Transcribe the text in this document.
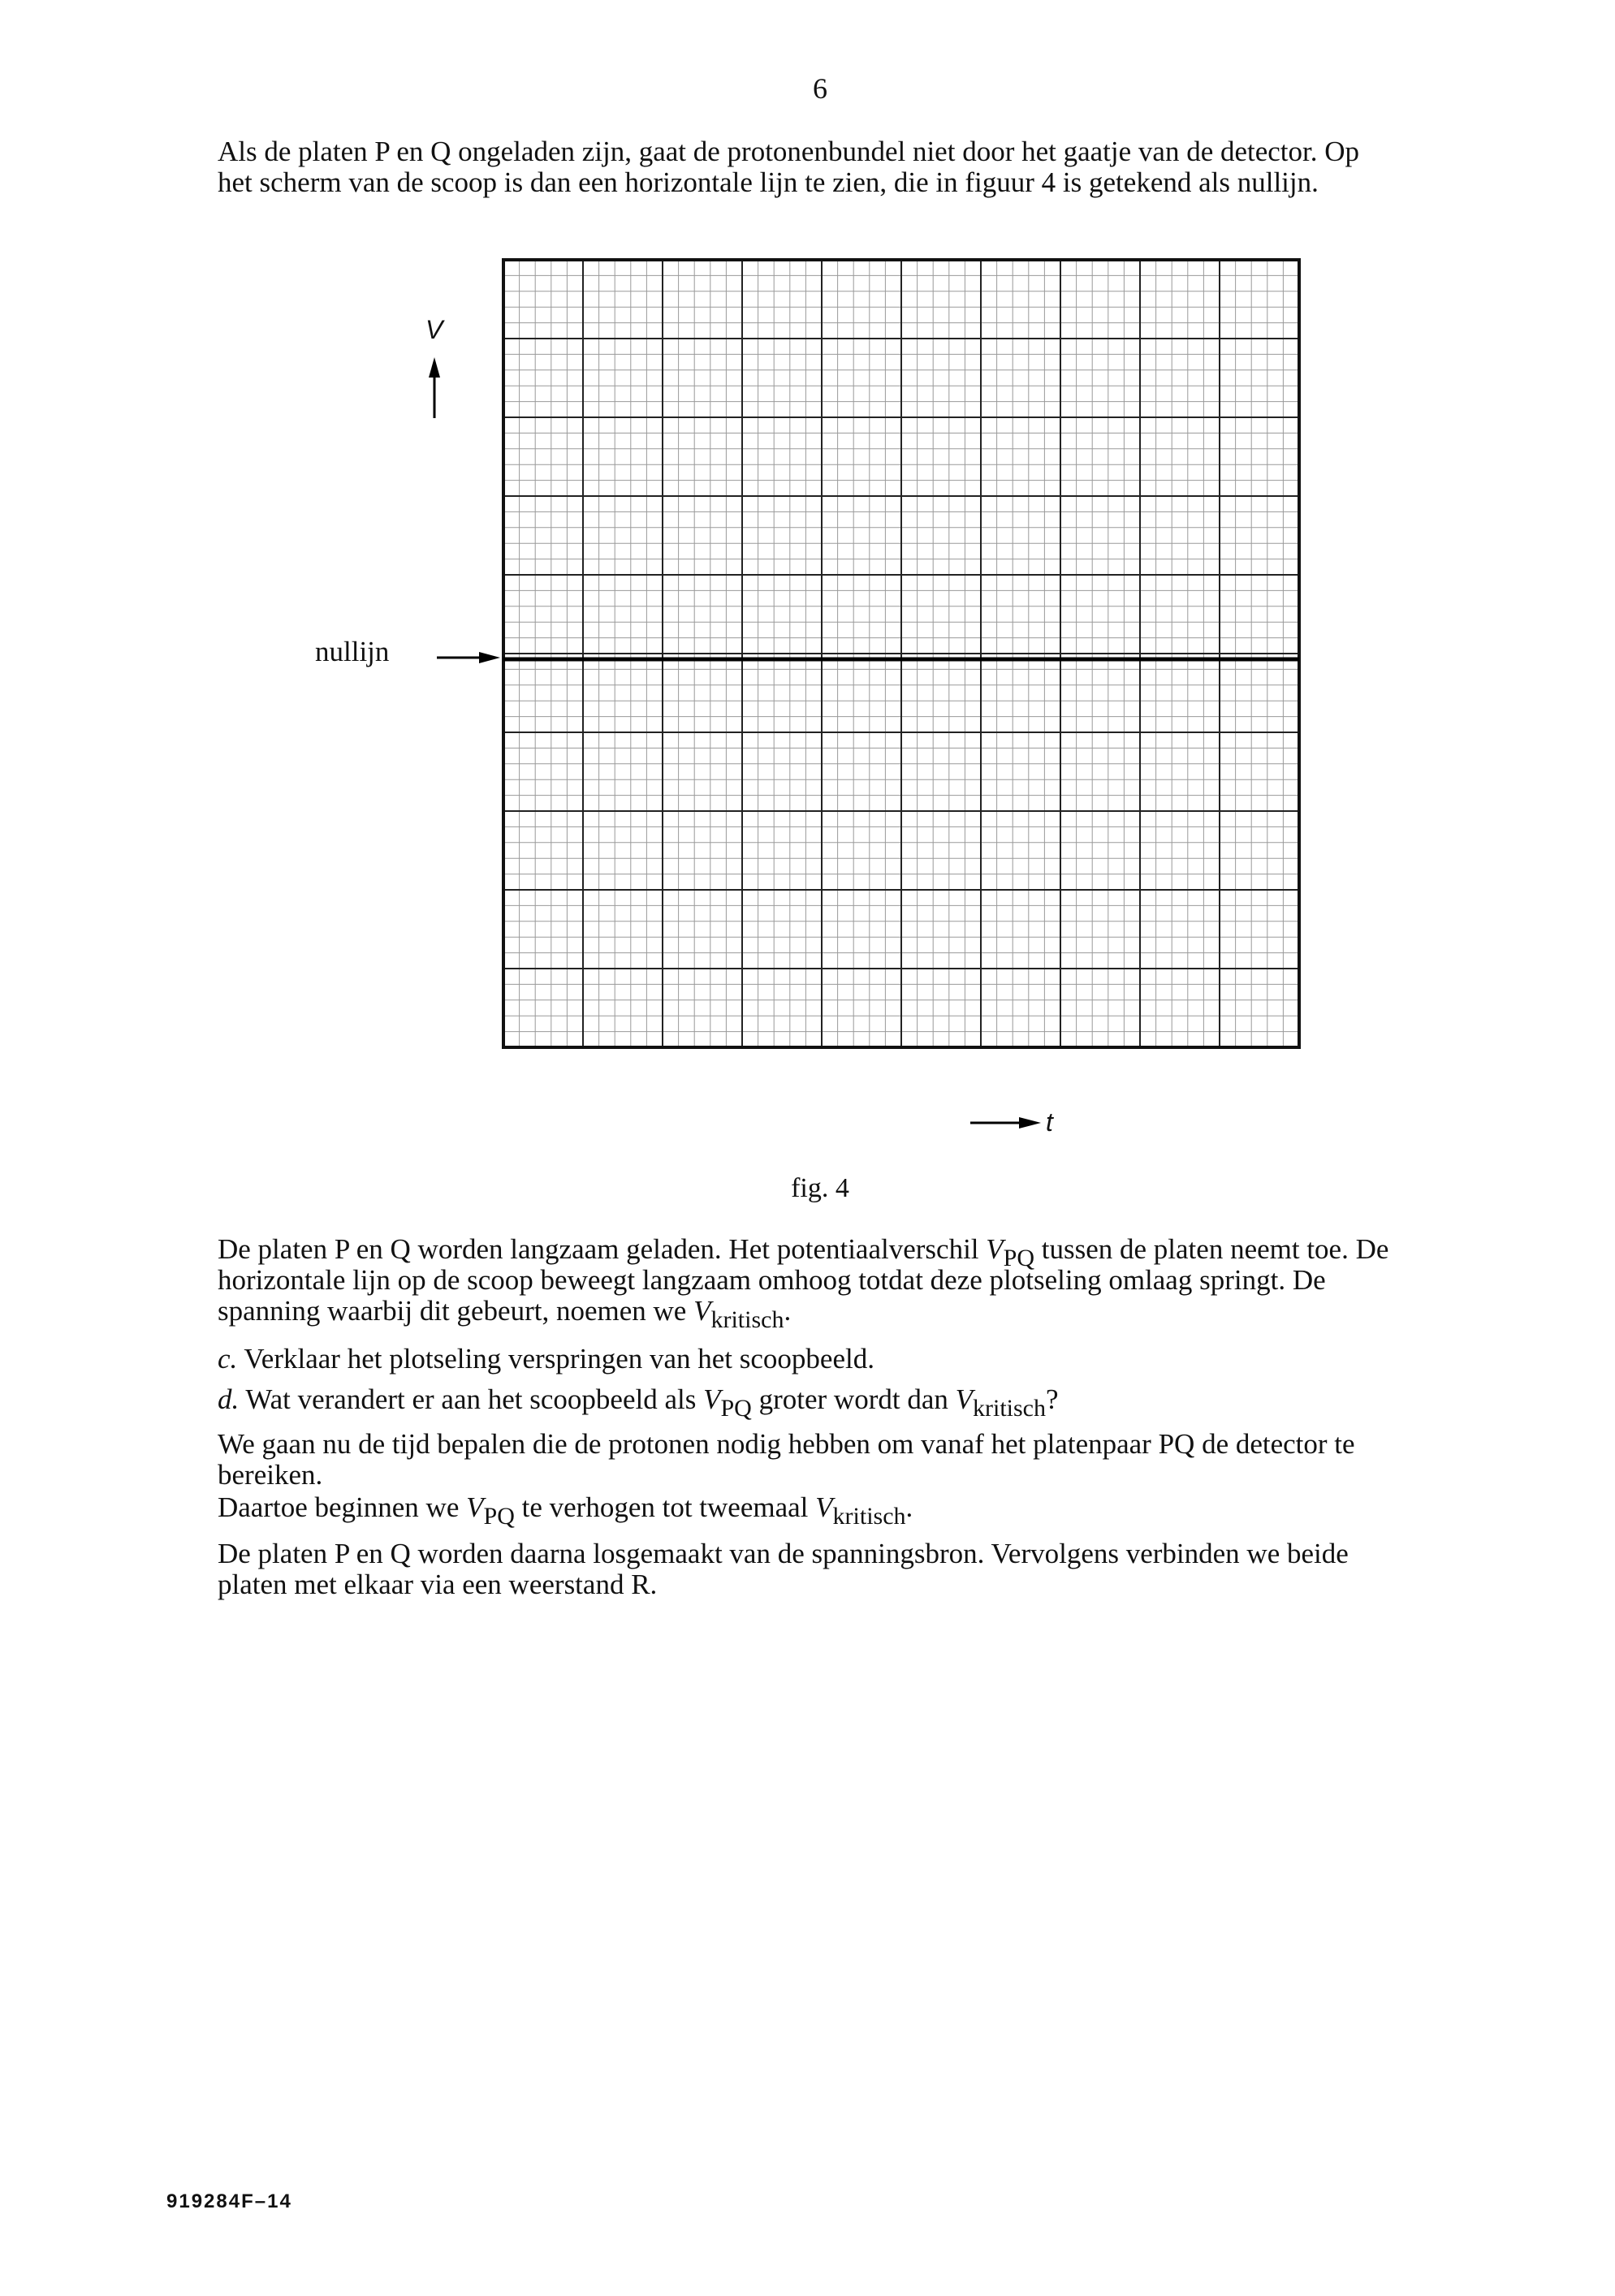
6

Als de platen P en Q ongeladen zijn, gaat de protonenbundel niet door het gaatje van de detector. Op het scherm van de scoop is dan een horizontale lijn te zien, die in figuur 4 is getekend als nullijn.

V
nullijn
t
fig. 4

De platen P en Q worden langzaam geladen. Het potentiaalverschil $V_{PQ}$ tussen de platen neemt toe. De horizontale lijn op de scoop beweegt langzaam omhoog totdat deze plotseling omlaag springt. De spanning waarbij dit gebeurt, noemen we $V_{kritisch}$.

c. Verklaar het plotseling verspringen van het scoopbeeld.

d. Wat verandert er aan het scoopbeeld als $V_{PQ}$ groter wordt dan $V_{kritisch}$?

We gaan nu de tijd bepalen die de protonen nodig hebben om vanaf het platenpaar PQ de detector te bereiken.

Daartoe beginnen we $V_{PQ}$ te verhogen tot tweemaal $V_{kritisch}$.

De platen P en Q worden daarna losgemaakt van de spanningsbron. Vervolgens verbinden we beide platen met elkaar via een weerstand R.

919284F–14
